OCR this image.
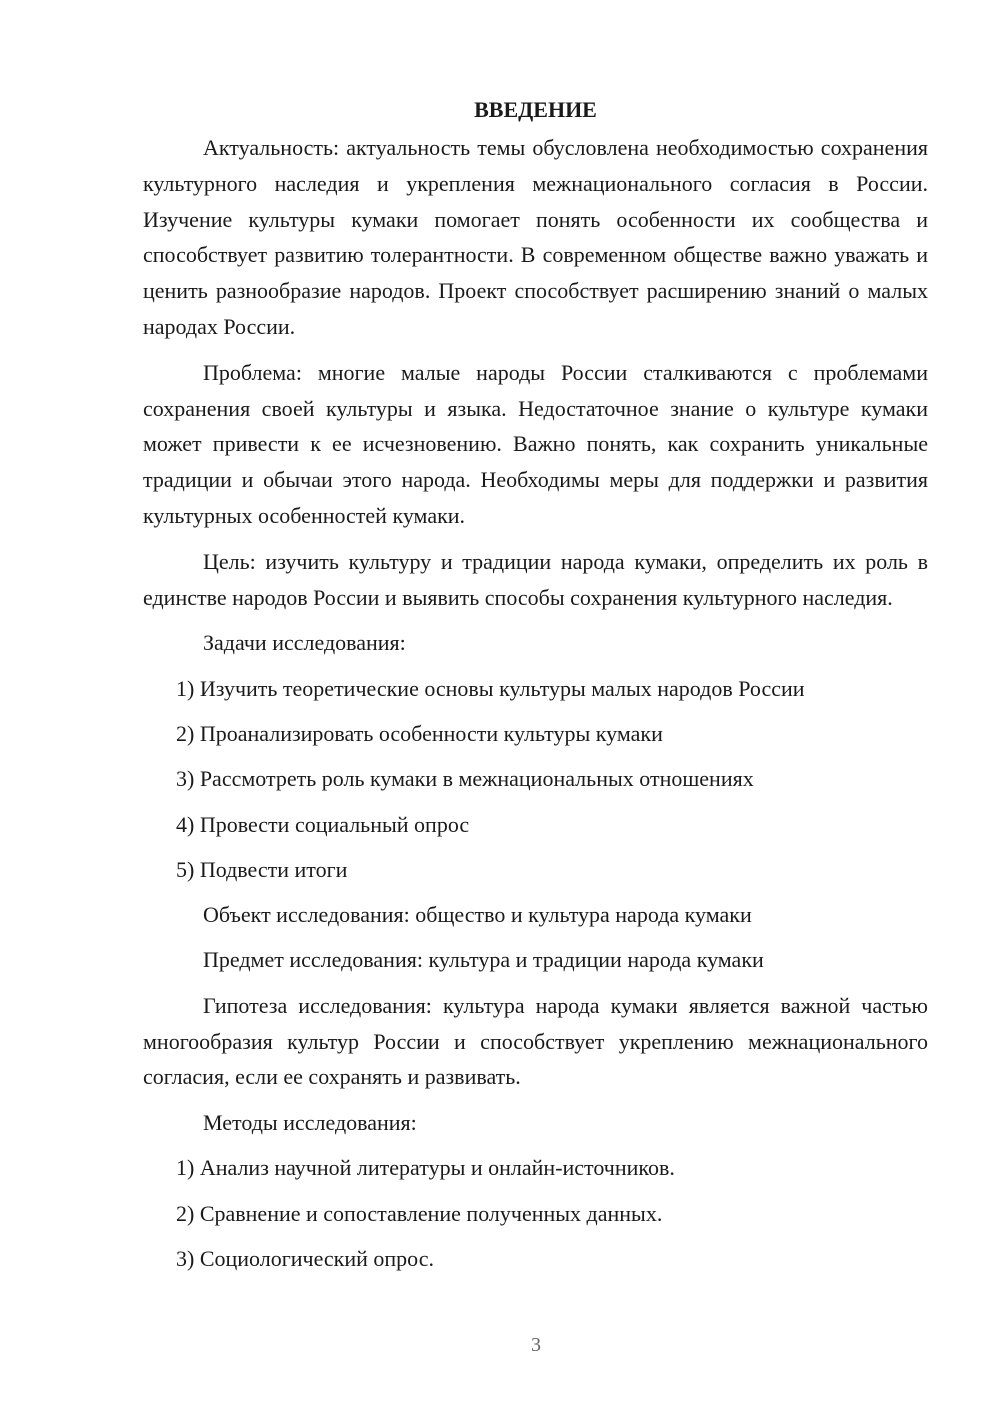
ВВЕДЕНИЕ

Актуальность: актуальность темы обусловлена необходимостью сохранения культурного наследия и укрепления межнационального согласия в России. Изучение культуры кумаки помогает понять особенности их сообщества и способствует развитию толерантности. В современном обществе важно уважать и ценить разнообразие народов. Проект способствует расширению знаний о малых народах России.

Проблема: многие малые народы России сталкиваются с проблемами сохранения своей культуры и языка. Недостаточное знание о культуре кумаки может привести к ее исчезновению. Важно понять, как сохранить уникальные традиции и обычаи этого народа. Необходимы меры для поддержки и развития культурных особенностей кумаки.

Цель: изучить культуру и традиции народа кумаки, определить их роль в единстве народов России и выявить способы сохранения культурного наследия.

Задачи исследования:
1) Изучить теоретические основы культуры малых народов России
2) Проанализировать особенности культуры кумаки
3) Рассмотреть роль кумаки в межнациональных отношениях
4) Провести социальный опрос
5) Подвести итоги
Объект исследования: общество и культура народа кумаки
Предмет исследования: культура и традиции народа кумаки

Гипотеза исследования: культура народа кумаки является важной частью многообразия культур России и способствует укреплению межнационального согласия, если ее сохранять и развивать.

Методы исследования:
1) Анализ научной литературы и онлайн-источников.
2) Сравнение и сопоставление полученных данных.
3) Социологический опрос.
3
